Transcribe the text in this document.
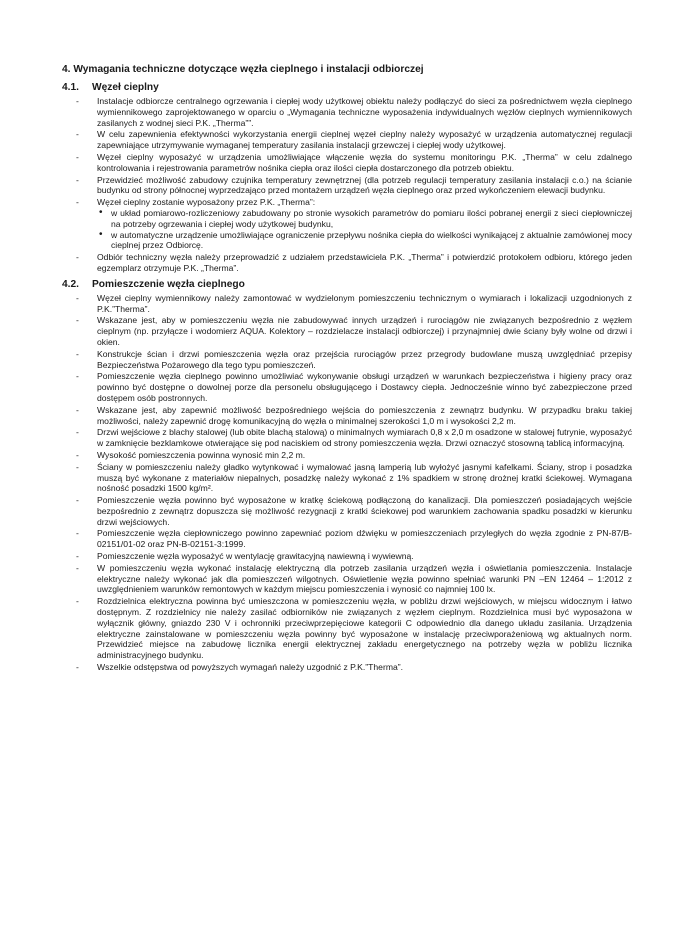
4. Wymagania techniczne dotyczące węzła cieplnego i instalacji odbiorczej
4.1.	Węzeł cieplny
- Instalacje odbiorcze centralnego ogrzewania i ciepłej wody użytkowej obiektu należy podłączyć do sieci za pośrednictwem węzła cieplnego wymiennikowego zaprojektowanego w oparciu o „Wymagania techniczne wyposażenia indywidualnych węzłów cieplnych wymiennikowych zasilanych z wodnej sieci P.K. „Therma””.
- W celu zapewnienia efektywności wykorzystania energii cieplnej węzeł cieplny należy wyposażyć w urządzenia automatycznej regulacji zapewniające utrzymywanie wymaganej temperatury zasilania instalacji grzewczej i ciepłej wody użytkowej.
- Węzeł cieplny wyposażyć w urządzenia umożliwiające włączenie węzła do systemu monitoringu P.K. „Therma” w celu zdalnego kontrolowania i rejestrowania parametrów nośnika ciepła oraz ilości ciepła dostarczonego dla potrzeb obiektu.
- Przewidzieć możliwość zabudowy czujnika temperatury zewnętrznej (dla potrzeb regulacji temperatury zasilania instalacji c.o.) na ścianie budynku od strony północnej wyprzedzająco przed montażem urządzeń węzła cieplnego oraz przed wykończeniem elewacji budynku.
- Węzeł cieplny zostanie wyposażony przez P.K. „Therma”:
• w układ pomiarowo-rozliczeniowy zabudowany po stronie wysokich parametrów do pomiaru ilości pobranej energii z sieci ciepłowniczej na potrzeby ogrzewania i ciepłej wody użytkowej budynku,
• w automatyczne urządzenie umożliwiające ograniczenie przepływu nośnika ciepła do wielkości wynikającej z aktualnie zamówionej mocy cieplnej przez Odbiorcę.
- Odbiór techniczny węzła należy przeprowadzić z udziałem przedstawiciela P.K. „Therma” i potwierdzić protokołem odbioru, którego jeden egzemplarz otrzymuje P.K. „Therma”.
4.2.	Pomieszczenie węzła cieplnego
- Węzeł cieplny wymiennikowy należy zamontować w wydzielonym pomieszczeniu technicznym o wymiarach i lokalizacji uzgodnionych z P.K.”Therma”.
- Wskazane jest, aby w pomieszczeniu węzła nie zabudowywać innych urządzeń i rurociągów nie związanych bezpośrednio z węzłem cieplnym (np. przyłącze i wodomierz AQUA. Kolektory – rozdzielacze instalacji odbiorczej) i przynajmniej dwie ściany były wolne od drzwi i okien.
- Konstrukcje ścian i drzwi pomieszczenia węzła oraz przejścia rurociągów przez przegrody budowlane muszą uwzględniać przepisy Bezpieczeństwa Pożarowego dla tego typu pomieszczeń.
- Pomieszczenie węzła cieplnego powinno umożliwiać wykonywanie obsługi urządzeń w warunkach bezpieczeństwa i higieny pracy oraz powinno być dostępne o dowolnej porze dla personelu obsługującego i Dostawcy ciepła. Jednocześnie winno być zabezpieczone przed dostępem osób postronnych.
- Wskazane jest, aby zapewnić możliwość bezpośredniego wejścia do pomieszczenia z zewnątrz budynku. W przypadku braku takiej możliwości, należy zapewnić drogę komunikacyjną do węzła o minimalnej szerokości 1,0 m i wysokości 2,2 m.
- Drzwi wejściowe z blachy stalowej (lub obite blachą stalową) o minimalnych wymiarach 0,8 x 2,0 m osadzone w stalowej futrynie, wyposażyć w zamknięcie bezklamkowe otwierające się pod naciskiem od strony pomieszczenia węzła. Drzwi oznaczyć stosowną tablicą informacyjną.
- Wysokość pomieszczenia powinna wynosić min 2,2 m.
- Ściany w pomieszczeniu należy gładko wytynkować i wymalować jasną lamperią lub wyłożyć jasnymi kafelkami. Ściany, strop i posadzka muszą być wykonane z materiałów niepalnych, posadzkę należy wykonać z 1% spadkiem w stronę drożnej kratki ściekowej. Wymagana nośność posadzki 1500 kg/m².
- Pomieszczenie węzła powinno być wyposażone w kratkę ściekową podłączoną do kanalizacji. Dla pomieszczeń posiadających wejście bezpośrednio z zewnątrz dopuszcza się możliwość rezygnacji z kratki ściekowej pod warunkiem zachowania spadku posadzki w kierunku drzwi wejściowych.
- Pomieszczenie węzła ciepłowniczego powinno zapewniać poziom dźwięku w pomieszczeniach przyległych do węzła zgodnie z PN-87/B-02151/01-02 oraz PN-B-02151-3:1999.
- Pomieszczenie węzła wyposażyć w wentylację grawitacyjną nawiewną i wywiewną.
- W pomieszczeniu węzła wykonać instalację elektryczną dla potrzeb zasilania urządzeń węzła i oświetlania pomieszczenia. Instalacje elektryczne należy wykonać jak dla pomieszczeń wilgotnych. Oświetlenie węzła powinno spełniać warunki PN –EN 12464 – 1:2012 z uwzględnieniem warunków remontowych w każdym miejscu pomieszczenia i wynosić co najmniej 100 lx.
- Rozdzielnica elektryczna powinna być umieszczona w pomieszczeniu węzła, w pobliżu drzwi wejściowych, w miejscu widocznym i łatwo dostępnym. Z rozdzielnicy nie należy zasilać odbiorników nie związanych z węzłem cieplnym. Rozdzielnica musi być wyposażona w wyłącznik główny, gniazdo 230 V i ochronniki przeciwprzepięciowe kategorii C odpowiednio dla danego układu zasilania. Urządzenia elektryczne zainstalowane w pomieszczeniu węzła powinny być wyposażone w instalację przeciwporażeniową wg aktualnych norm. Przewidzieć miejsce na zabudowę licznika energii elektrycznej zakładu energetycznego na potrzeby węzła w pobliżu licznika administracyjnego budynku.
- Wszelkie odstępstwa od powyższych wymagań należy uzgodnić z P.K.”Therma”.
